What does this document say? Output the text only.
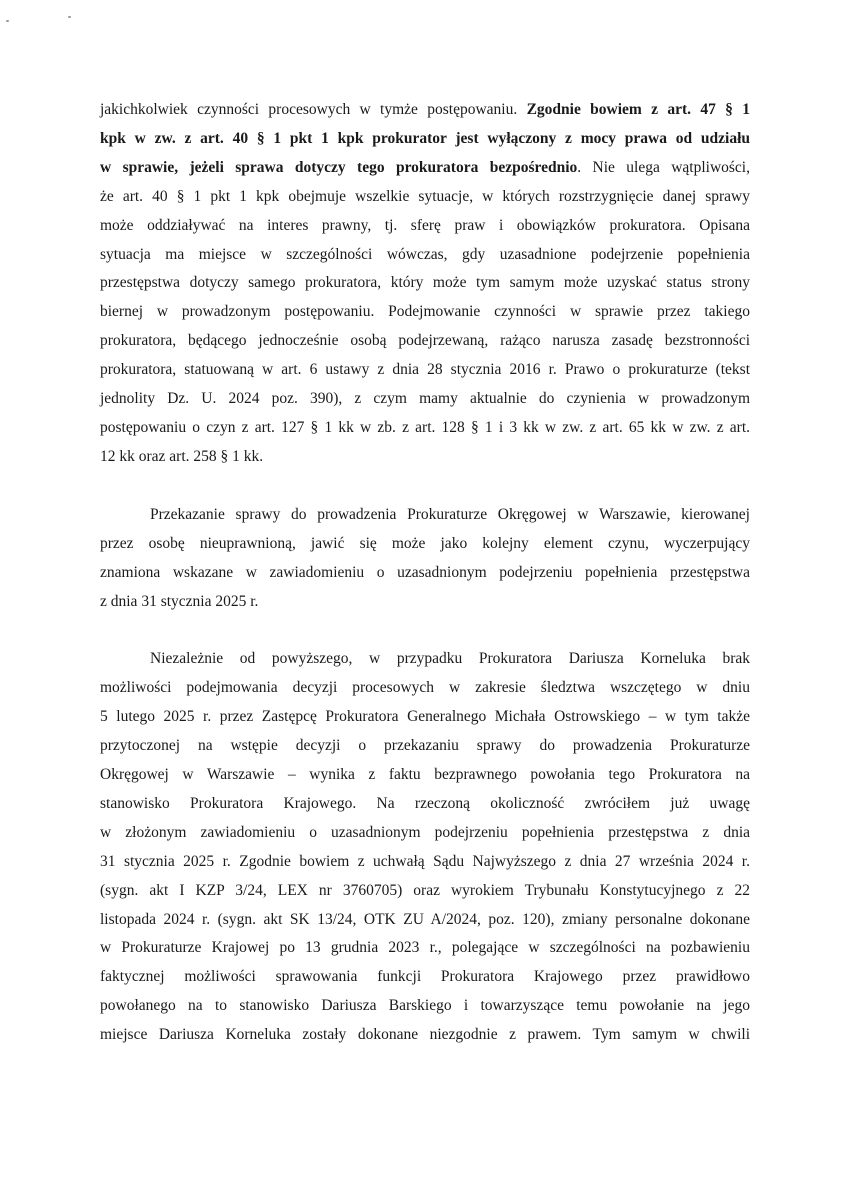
jakichkolwiek czynności procesowych w tymże postępowaniu. Zgodnie bowiem z art. 47 § 1
kpk w zw. z art. 40 § 1 pkt 1 kpk prokurator jest wyłączony z mocy prawa od udziału
w sprawie, jeżeli sprawa dotyczy tego prokuratora bezpośrednio. Nie ulega wątpliwości,
że art. 40 § 1 pkt 1 kpk obejmuje wszelkie sytuacje, w których rozstrzygnięcie danej sprawy
może oddziaływać na interes prawny, tj. sferę praw i obowiązków prokuratora. Opisana
sytuacja ma miejsce w szczególności wówczas, gdy uzasadnione podejrzenie popełnienia
przestępstwa dotyczy samego prokuratora, który może tym samym może uzyskać status strony
biernej w prowadzonym postępowaniu. Podejmowanie czynności w sprawie przez takiego
prokuratora, będącego jednocześnie osobą podejrzewaną, rażąco narusza zasadę bezstronności
prokuratora, statuowaną w art. 6 ustawy z dnia 28 stycznia 2016 r. Prawo o prokuraturze (tekst
jednolity Dz. U. 2024 poz. 390), z czym mamy aktualnie do czynienia w prowadzonym
postępowaniu o czyn z art. 127 § 1 kk w zb. z art. 128 § 1 i 3 kk w zw. z art. 65 kk w zw. z art.
12 kk oraz art. 258 § 1 kk.
Przekazanie sprawy do prowadzenia Prokuraturze Okręgowej w Warszawie, kierowanej
przez osobę nieuprawnioną, jawić się może jako kolejny element czynu, wyczerpujący
znamiona wskazane w zawiadomieniu o uzasadnionym podejrzeniu popełnienia przestępstwa
z dnia 31 stycznia 2025 r.
Niezależnie od powyższego, w przypadku Prokuratora Dariusza Korneluka brak
możliwości podejmowania decyzji procesowych w zakresie śledztwa wszczętego w dniu
5 lutego 2025 r. przez Zastępcę Prokuratora Generalnego Michała Ostrowskiego – w tym także
przytoczonej na wstępie decyzji o przekazaniu sprawy do prowadzenia Prokuraturze
Okręgowej w Warszawie – wynika z faktu bezprawnego powołania tego Prokuratora na
stanowisko Prokuratora Krajowego. Na rzeczoną okoliczność zwróciłem już uwagę
w złożonym zawiadomieniu o uzasadnionym podejrzeniu popełnienia przestępstwa z dnia
31 stycznia 2025 r. Zgodnie bowiem z uchwałą Sądu Najwyższego z dnia 27 września 2024 r.
(sygn. akt I KZP 3/24, LEX nr 3760705) oraz wyrokiem Trybunału Konstytucyjnego z 22
listopada 2024 r. (sygn. akt SK 13/24, OTK ZU A/2024, poz. 120), zmiany personalne dokonane
w Prokuraturze Krajowej po 13 grudnia 2023 r., polegające w szczególności na pozbawieniu
faktycznej możliwości sprawowania funkcji Prokuratora Krajowego przez prawidłowo
powołanego na to stanowisko Dariusza Barskiego i towarzyszące temu powołanie na jego
miejsce Dariusza Korneluka zostały dokonane niezgodnie z prawem. Tym samym w chwili
